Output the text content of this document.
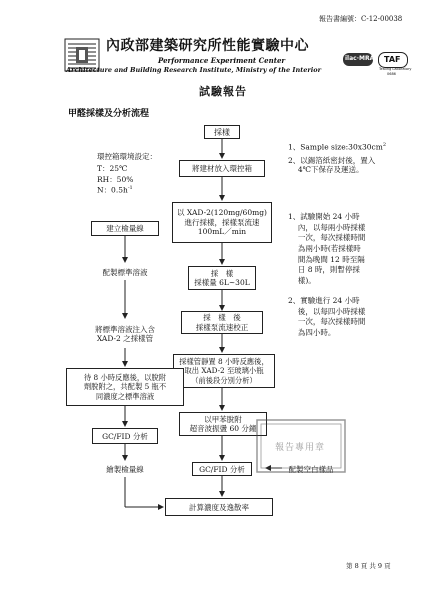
報告書編號：C-12-00038
內政部建築研究所性能實驗中心
Performance Experiment Center
Architecture and Building Research Institute, Ministry of the Interior
ilac·MRA TAF
Testing Laboratory
0686
試驗報告
甲醛採樣及分析流程
環控箱環境設定：
T：25℃
RH：50%
N：$0.5h^{-1}$
採樣
將建材放入環控箱
以 XAD-2(120mg/60mg)
進行採樣，採樣泵流速
100mL／min
採　樣
採樣量 6L~30L
採　樣　後
採樣泵流速校正
採樣管靜置 8 小時反應後，
取出 XAD-2 至玻璃小瓶
（前後段分別分析）
以甲苯脫附
超音波振盪 60 分鐘
GC/FID 分析	配製空白樣品
計算濃度及逸散率
建立檢量線
配製標準溶液
將標準溶液注入含
XAD-2 之採樣管
待 8 小時反應後，以脫附
劑脫附之，共配製 5 瓶不
同濃度之標準溶液
GC/FID 分析
繪製檢量線
1、Sample $size:30x30cm^2$
2、以錫箔紙密封後，置入
　 4℃下保存及運送。
1、試驗開始 24 小時
　 內，以每兩小時採樣
　 一次，每次採樣時間
　 為兩小時(若採樣時
　 間為晚間 12 時至隔
　 日 8 時，則暫停採
　 樣)。
2、實驗進行 24 小時
　 後，以每四小時採樣
　 一次，每次採樣時間
　 為四小時。
報告專用章
第 8 頁 共 9 頁
